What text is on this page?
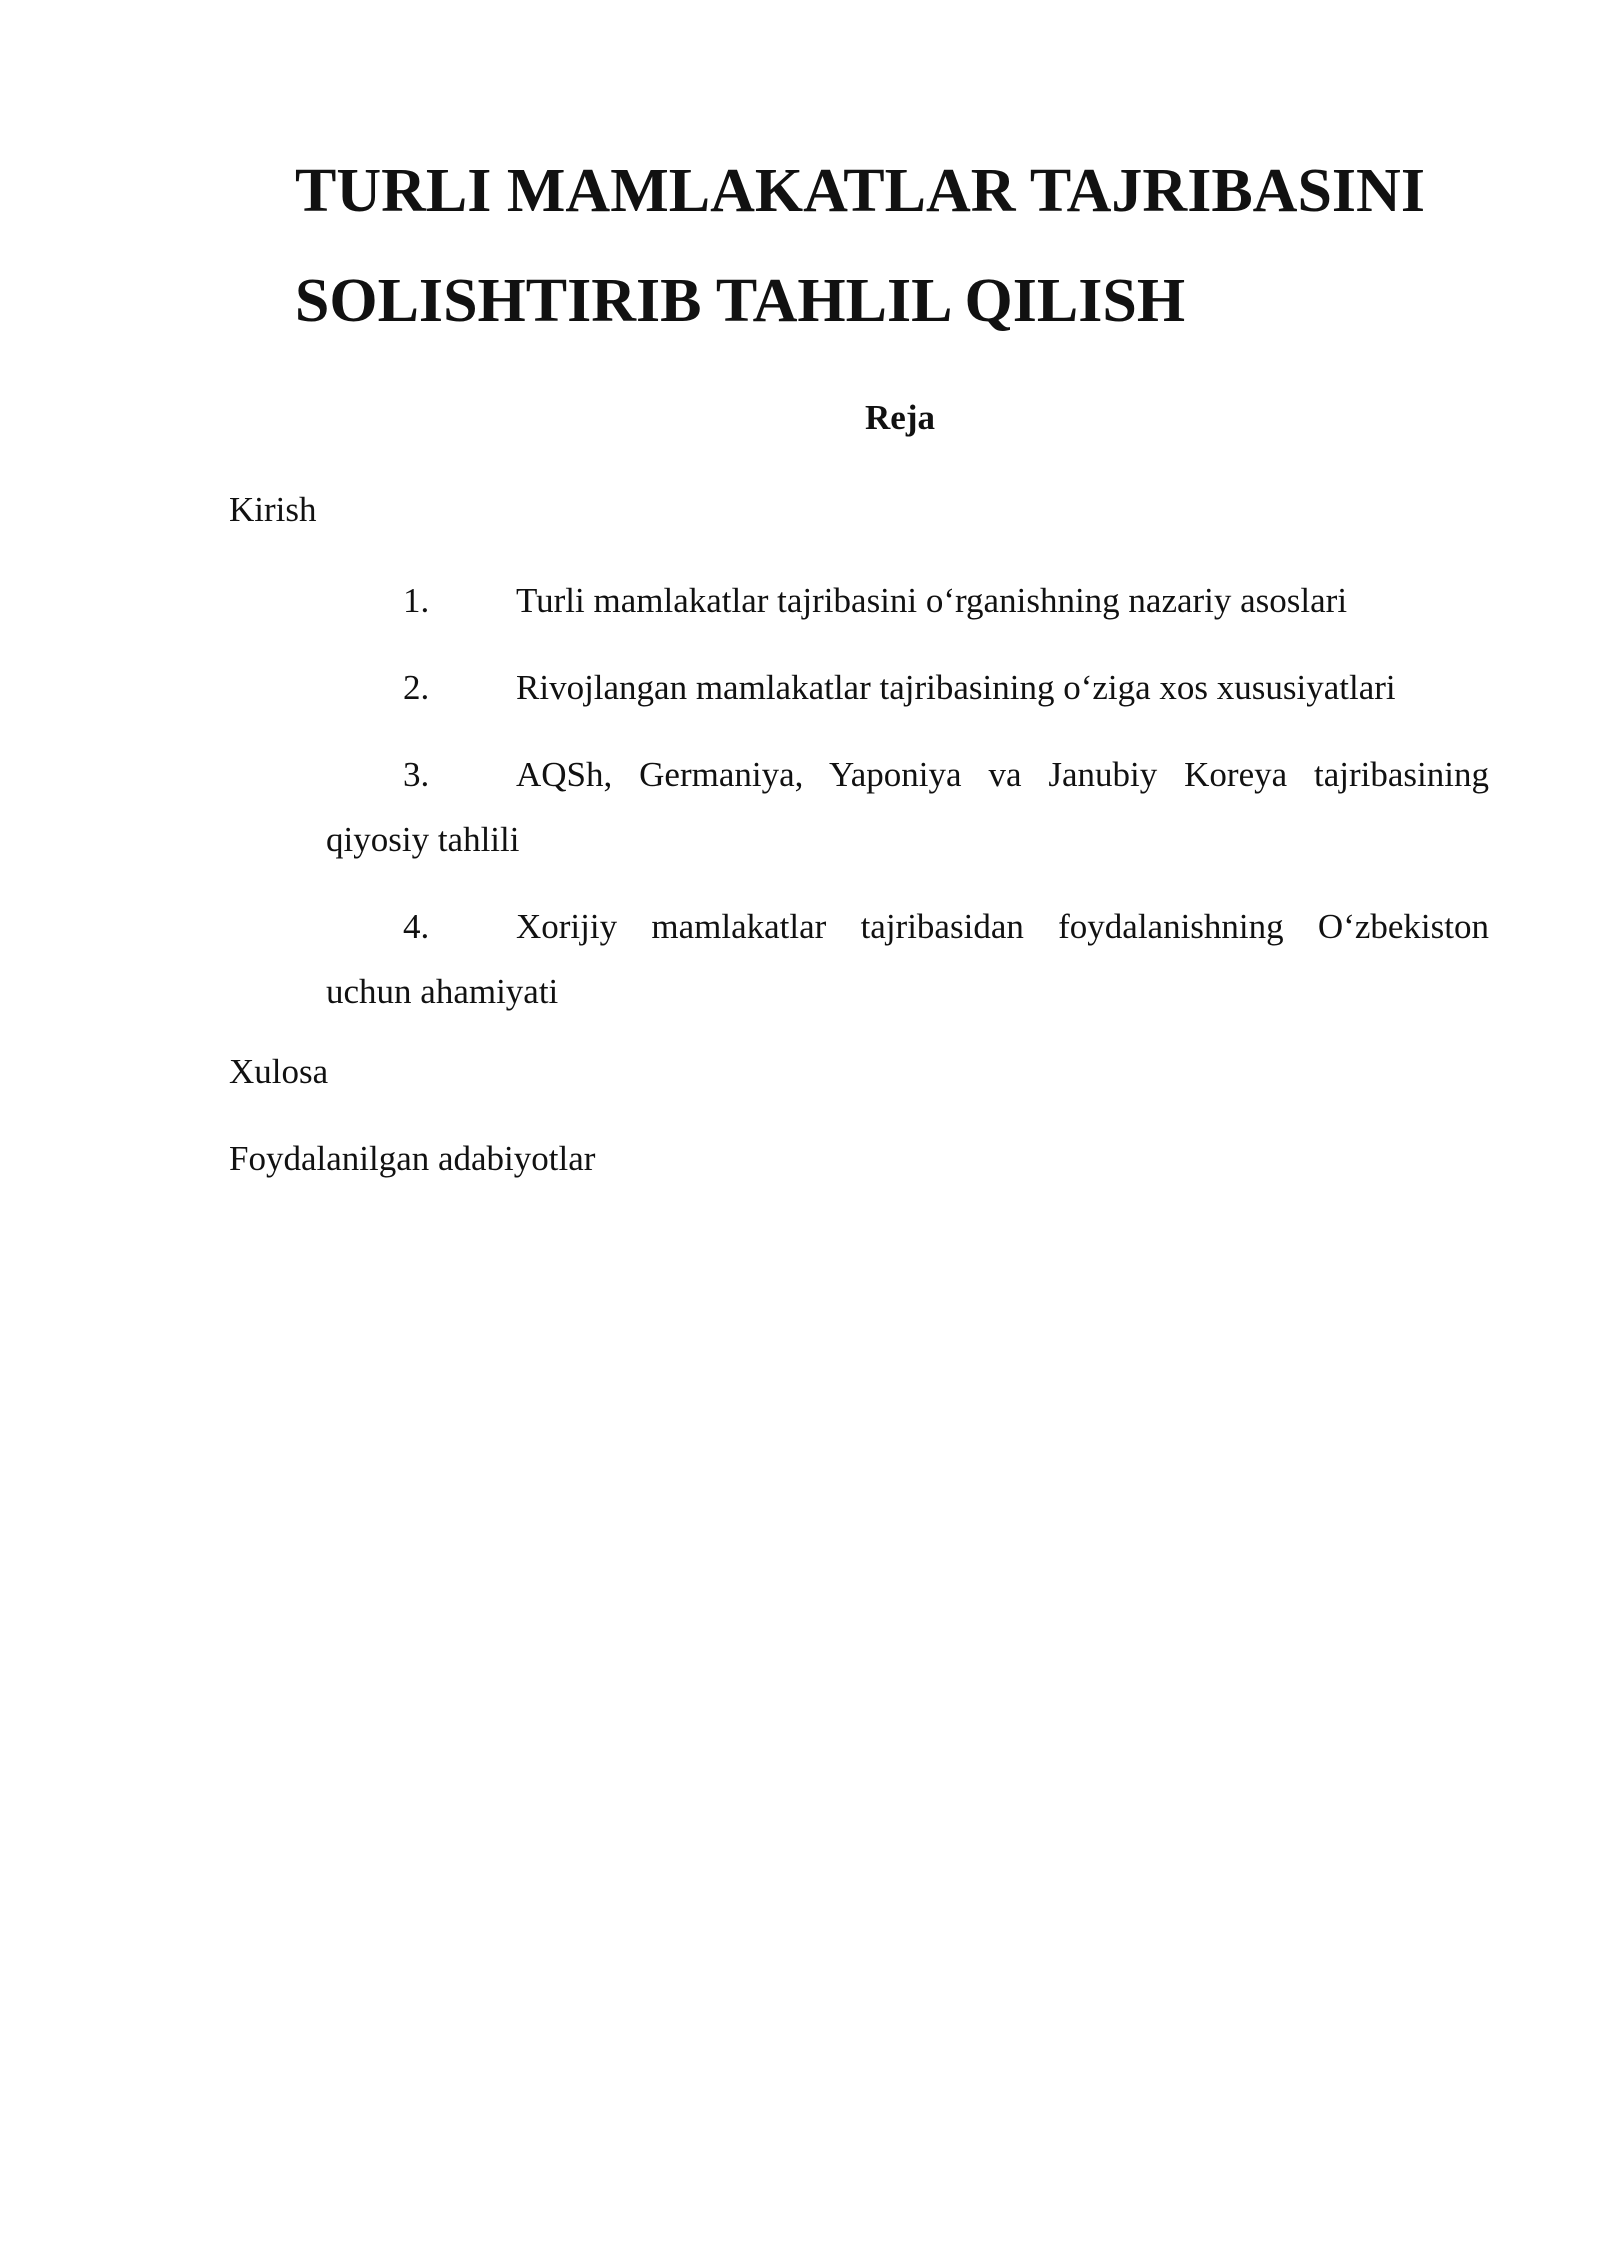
TURLI MAMLAKATLAR TAJRIBASINI
SOLISHTIRIB TAHLIL QILISH
Reja
Kirish
1.	Turli mamlakatlar tajribasini o‘rganishning nazariy asoslari
2.	Rivojlangan mamlakatlar tajribasining o‘ziga xos xususiyatlari
3.	AQSh, Germaniya, Yaponiya va Janubiy Koreya tajribasining
qiyosiy tahlili
4.	Xorijiy mamlakatlar tajribasidan foydalanishning O‘zbekiston
uchun ahamiyati
Xulosa
Foydalanilgan adabiyotlar
